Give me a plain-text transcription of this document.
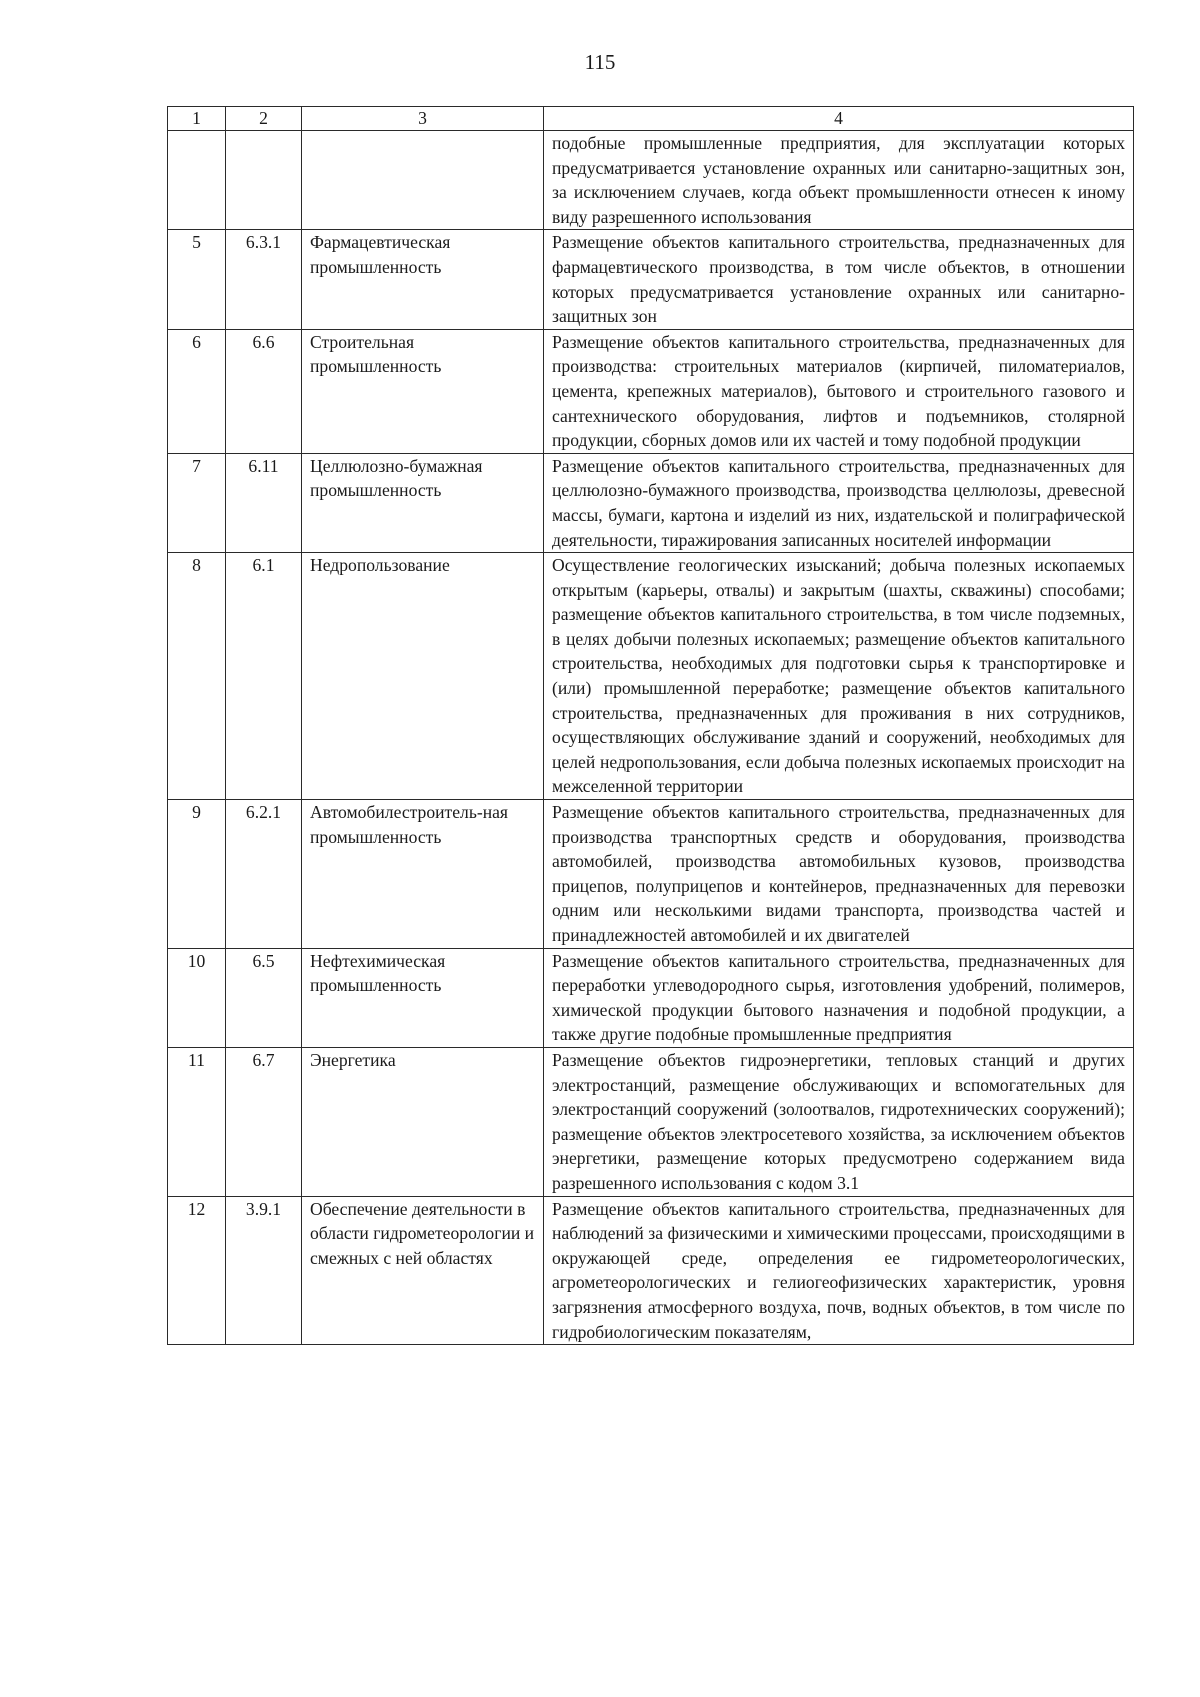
115
1	2	3	4
			подобные промышленные предприятия, для эксплуатации которых предусматривается установление охранных или санитарно-защитных зон, за исключением случаев, когда объект промышленности отнесен к иному виду разрешенного использования
5	6.3.1	Фармацевтическая промышленность	Размещение объектов капитального строительства, предназначенных для фармацевтического производства, в том числе объектов, в отношении которых предусматривается установление охранных или санитарно-защитных зон
6	6.6	Строительная промышленность	Размещение объектов капитального строительства, предназначенных для производства: строительных материалов (кирпичей, пиломатериалов, цемента, крепежных материалов), бытового и строительного газового и сантехнического оборудования, лифтов и подъемников, столярной продукции, сборных домов или их частей и тому подобной продукции
7	6.11	Целлюлозно-бумажная промышленность	Размещение объектов капитального строительства, предназначенных для целлюлозно-бумажного производства, производства целлюлозы, древесной массы, бумаги, картона и изделий из них, издательской и полиграфической деятельности, тиражирования записанных носителей информации
8	6.1	Недропользование	Осуществление геологических изысканий; добыча полезных ископаемых открытым (карьеры, отвалы) и закрытым (шахты, скважины) способами; размещение объектов капитального строительства, в том числе подземных, в целях добычи полезных ископаемых; размещение объектов капитального строительства, необходимых для подготовки сырья к транспортировке и (или) промышленной переработке; размещение объектов капитального строительства, предназначенных для проживания в них сотрудников, осуществляющих обслуживание зданий и сооружений, необходимых для целей недропользования, если добыча полезных ископаемых происходит на межселенной территории
9	6.2.1	Автомобилестроитель-ная промышленность	Размещение объектов капитального строительства, предназначенных для производства транспортных средств и оборудования, производства автомобилей, производства автомобильных кузовов, производства прицепов, полуприцепов и контейнеров, предназначенных для перевозки одним или несколькими видами транспорта, производства частей и принадлежностей автомобилей и их двигателей
10	6.5	Нефтехимическая промышленность	Размещение объектов капитального строительства, предназначенных для переработки углеводородного сырья, изготовления удобрений, полимеров, химической продукции бытового назначения и подобной продукции, а также другие подобные промышленные предприятия
11	6.7	Энергетика	Размещение объектов гидроэнергетики, тепловых станций и других электростанций, размещение обслуживающих и вспомогательных для электростанций сооружений (золоотвалов, гидротехнических сооружений); размещение объектов электросетевого хозяйства, за исключением объектов энергетики, размещение которых предусмотрено содержанием вида разрешенного использования с кодом 3.1
12	3.9.1	Обеспечение деятельности в области гидрометеорологии и смежных с ней областях	Размещение объектов капитального строительства, предназначенных для наблюдений за физическими и химическими процессами, происходящими в окружающей среде, определения ее гидрометеорологических, агрометеорологических и гелиогеофизических характеристик, уровня загрязнения атмосферного воздуха, почв, водных объектов, в том числе по гидробиологическим показателям,
